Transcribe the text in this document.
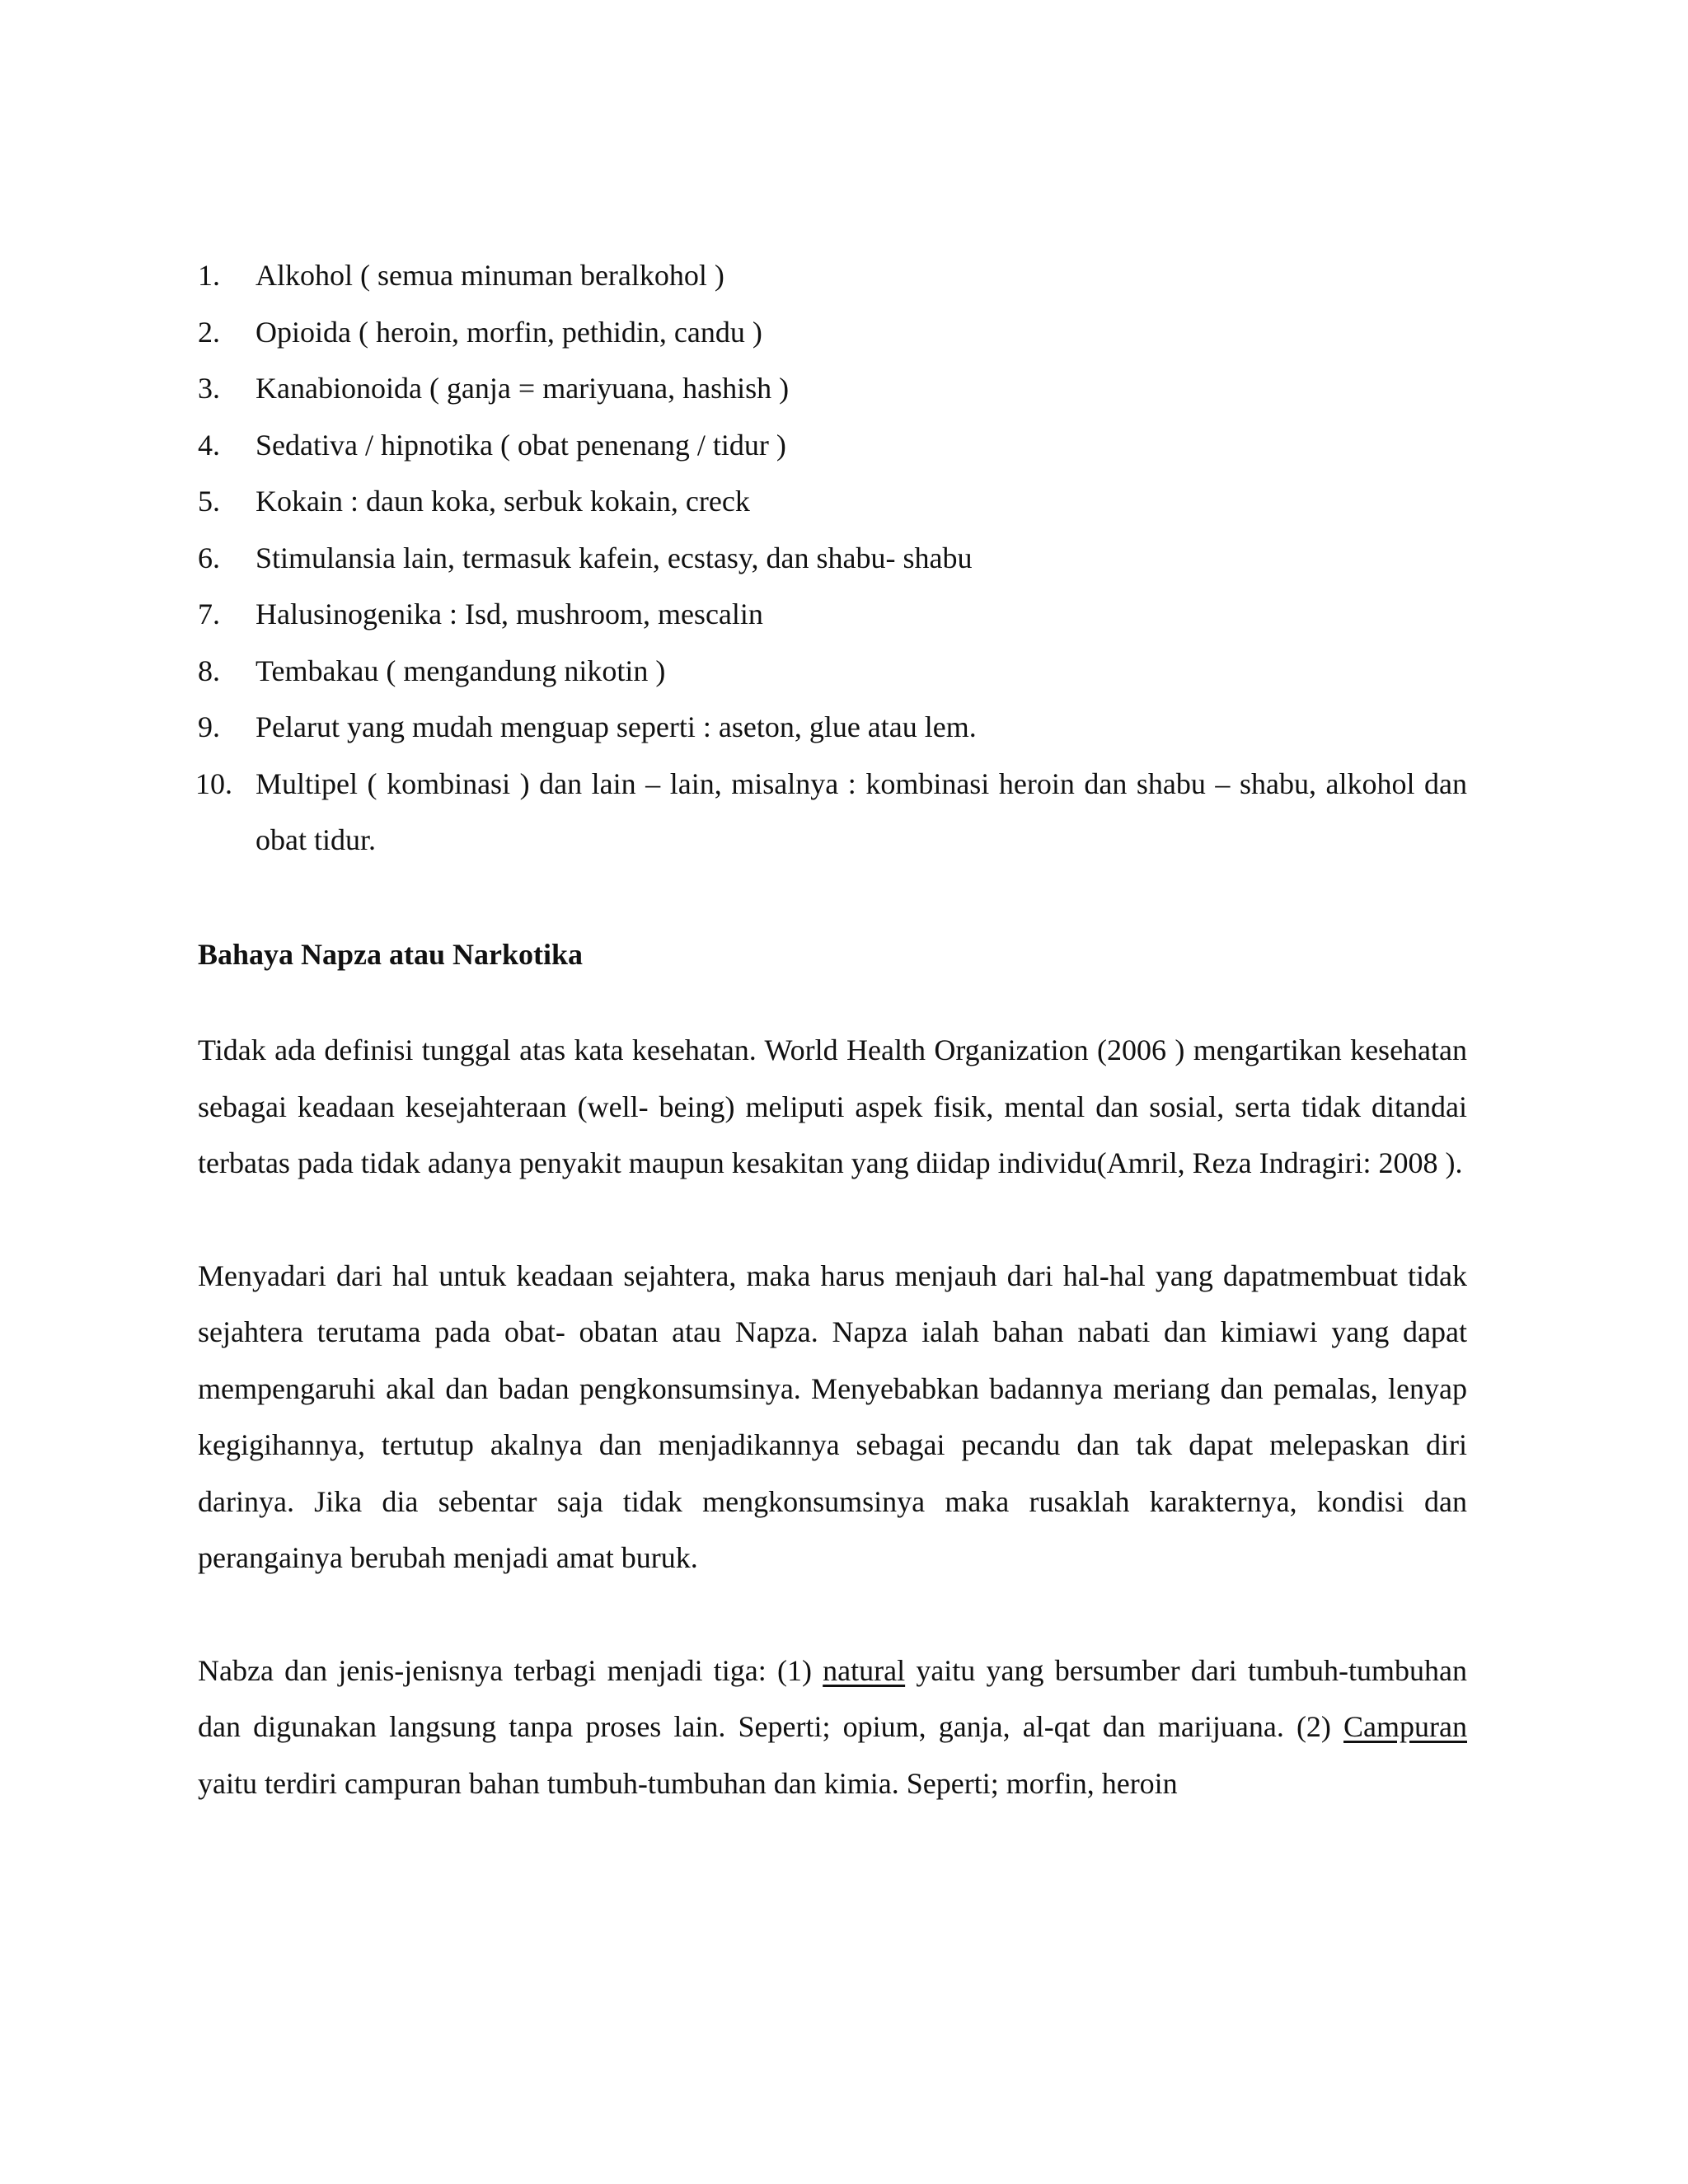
1.	Alkohol ( semua minuman beralkohol )
2.	Opioida ( heroin, morfin, pethidin, candu )
3.	Kanabionoida ( ganja = mariyuana, hashish )
4.	Sedativa / hipnotika ( obat penenang / tidur )
5.	Kokain : daun koka, serbuk kokain, creck
6.	Stimulansia lain, termasuk kafein, ecstasy, dan shabu- shabu
7.	Halusinogenika : Isd, mushroom, mescalin
8.	Tembakau ( mengandung nikotin )
9.	Pelarut yang mudah menguap seperti : aseton, glue atau lem.
10. Multipel ( kombinasi ) dan lain – lain, misalnya : kombinasi heroin dan shabu – shabu, alkohol dan obat tidur.
Bahaya Napza atau Narkotika

Tidak ada definisi tunggal atas kata kesehatan. World Health Organization (2006 ) mengartikan kesehatan sebagai keadaan kesejahteraan (well- being) meliputi aspek fisik, mental dan sosial, serta tidak ditandai terbatas pada tidak adanya penyakit maupun kesakitan yang diidap individu(Amril, Reza Indragiri: 2008 ).

Menyadari dari hal untuk keadaan sejahtera, maka harus menjauh dari hal-hal yang dapatmembuat tidak sejahtera terutama pada obat- obatan atau Napza. Napza ialah bahan nabati dan kimiawi yang dapat mempengaruhi akal dan badan pengkonsumsinya. Menyebabkan badannya meriang dan pemalas, lenyap kegigihannya, tertutup akalnya dan menjadikannya sebagai pecandu dan tak dapat melepaskan diri darinya. Jika dia sebentar saja tidak mengkonsumsinya maka rusaklah karakternya, kondisi dan perangainya berubah menjadi amat buruk.

Nabza dan jenis-jenisnya terbagi menjadi tiga: (1) natural yaitu yang bersumber dari tumbuh-tumbuhan dan digunakan langsung tanpa proses lain. Seperti; opium, ganja, al-qat dan marijuana. (2) Campuran yaitu terdiri campuran bahan tumbuh-tumbuhan dan kimia. Seperti; morfin, heroin
